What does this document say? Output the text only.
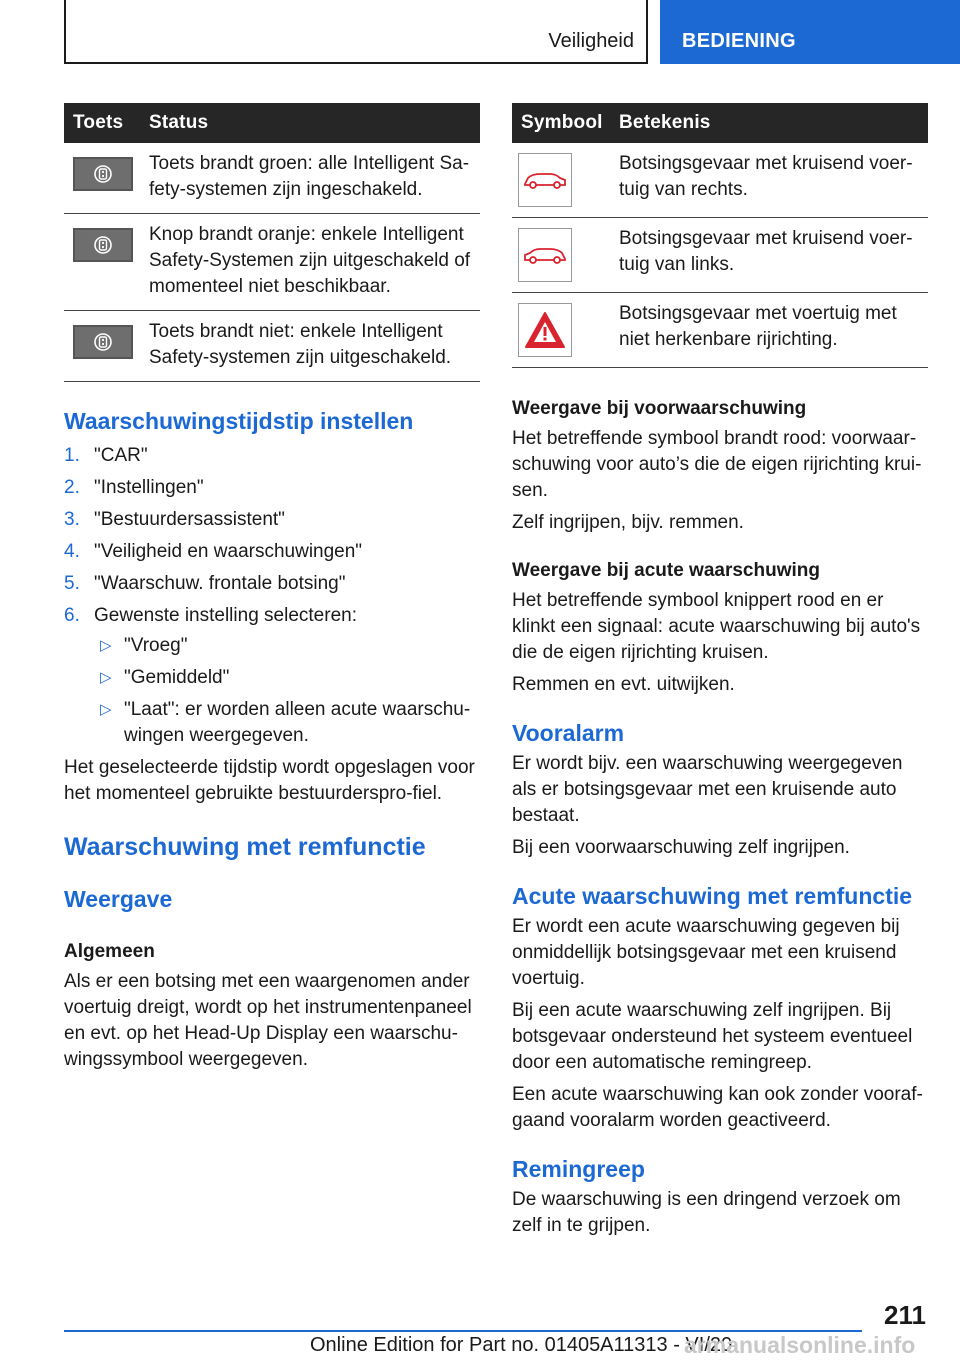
Veiligheid BEDIENING
Toets	Status

	Toets brandt groen: alle Intelligent Sa-fety-systemen zijn ingeschakeld.

	Knop brandt oranje: enkele Intelligent Safety-Systemen zijn uitgeschakeld of momenteel niet beschikbaar.

	Toets brandt niet: enkele Intelligent Safety-systemen zijn uitgeschakeld.
Waarschuwingstijdstip instellen
1. "CAR"
2. "Instellingen"
3. "Bestuurdersassistent"
4. "Veiligheid en waarschuwingen"
5. "Waarschuw. frontale botsing"
6. Gewenste instelling selecteren:
▷ "Vroeg"
▷ "Gemiddeld"
▷ "Laat": er worden alleen acute waarschu-wingen weergegeven.

Het geselecteerde tijdstip wordt opgeslagen voor het momenteel gebruikte bestuurderspro-fiel.

Waarschuwing met remfunctie
Weergave
Algemeen

Als er een botsing met een waargenomen ander voertuig dreigt, wordt op het instrumentenpaneel en evt. op het Head-Up Display een waarschu-wingssymbool weergegeven.

Symbool	Betekenis

	Botsingsgevaar met kruisend voer-tuig van rechts.

	Botsingsgevaar met kruisend voer-tuig van links.

	Botsingsgevaar met voertuig met niet herkenbare rijrichting.
Weergave bij voorwaarschuwing

Het betreffende symbool brandt rood: voorwaar-schuwing voor auto’s die de eigen rijrichting krui-sen.

Zelf ingrijpen, bijv. remmen.

Weergave bij acute waarschuwing

Het betreffende symbool knippert rood en er klinkt een signaal: acute waarschuwing bij auto's die de eigen rijrichting kruisen.

Remmen en evt. uitwijken.

Vooralarm

Er wordt bijv. een waarschuwing weergegeven als er botsingsgevaar met een kruisende auto bestaat.

Bij een voorwaarschuwing zelf ingrijpen.

Acute waarschuwing met remfunctie

Er wordt een acute waarschuwing gegeven bij onmiddellijk botsingsgevaar met een kruisend voertuig.

Bij een acute waarschuwing zelf ingrijpen. Bij botsgevaar ondersteund het systeem eventueel door een automatische remingreep.

Een acute waarschuwing kan ook zonder vooraf-gaand vooralarm worden geactiveerd.

Remingreep

De waarschuwing is een dringend verzoek om zelf in te grijpen.

211
Online Edition for Part no. 01405A11313 - VI/20
armanualsonline.info
